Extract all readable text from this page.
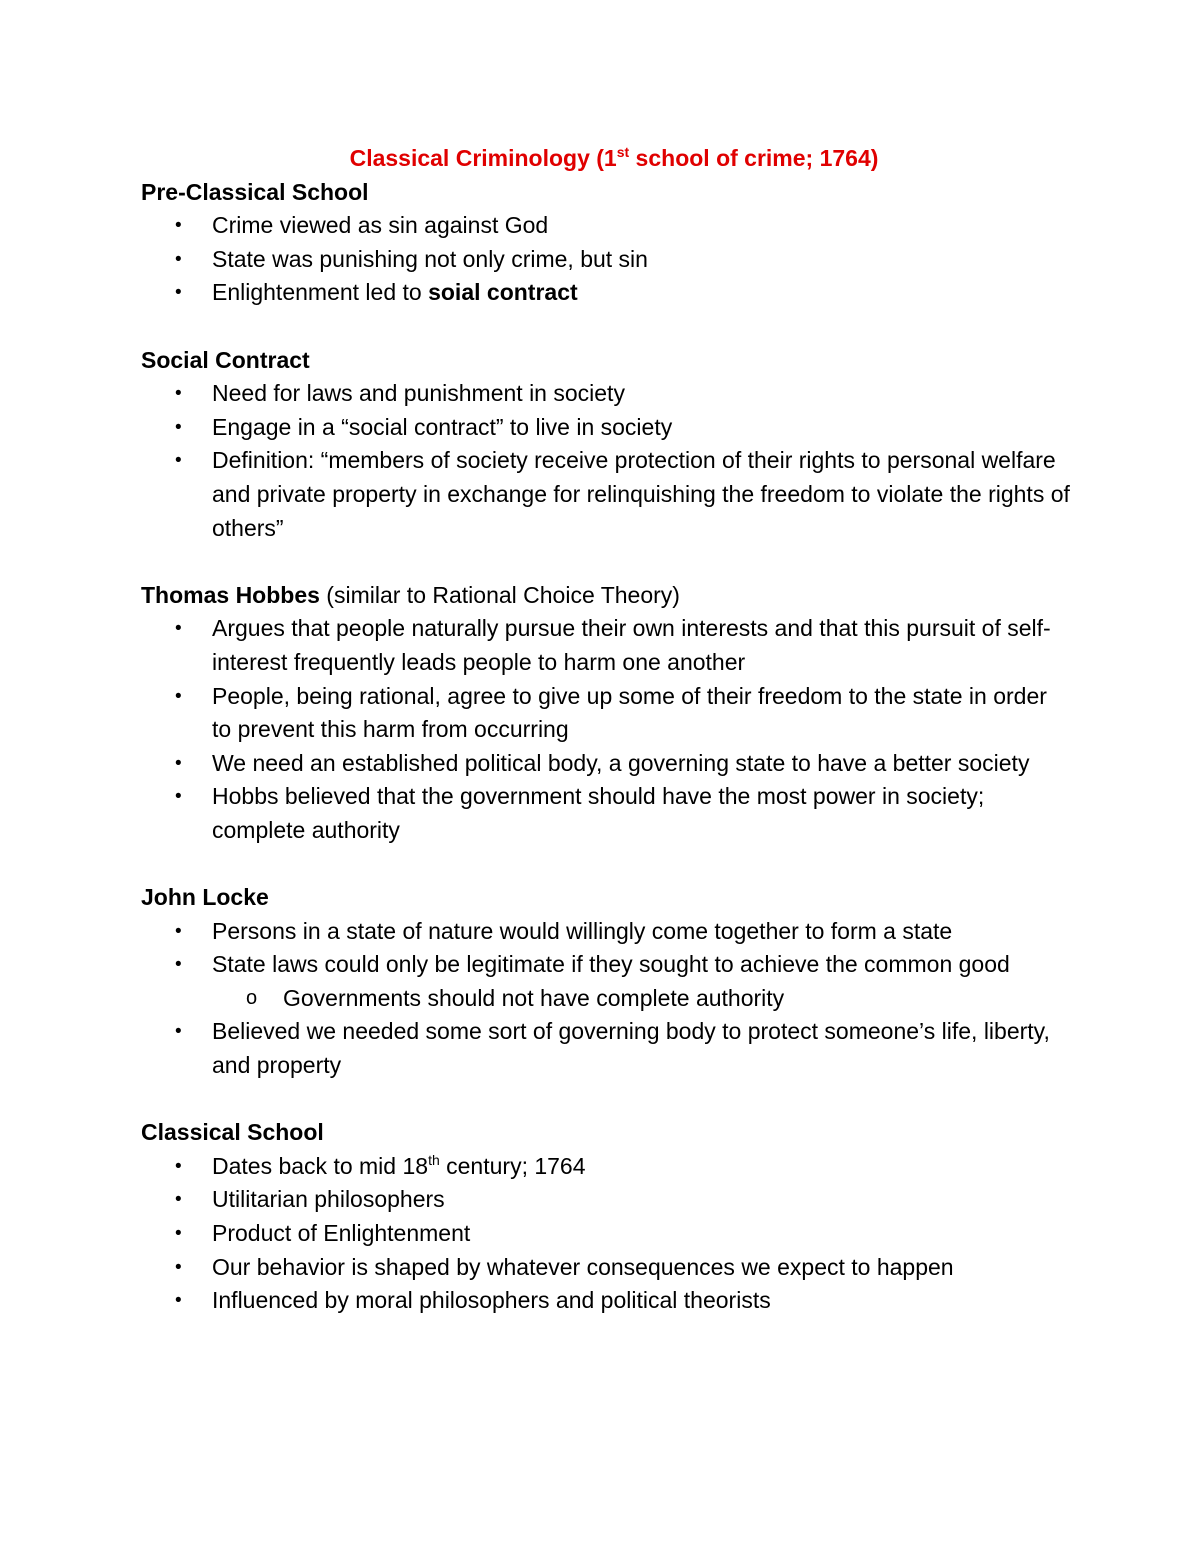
Classical Criminology (1st school of crime; 1764)

Pre-Classical School

• Crime viewed as sin against God
• State was punishing not only crime, but sin
• Enlightenment led to soial contract

Social Contract

• Need for laws and punishment in society
• Engage in a “social contract” to live in society
• Definition: “members of society receive protection of their rights to personal welfare and private property in exchange for relinquishing the freedom to violate the rights of others”

Thomas Hobbes (similar to Rational Choice Theory)

• Argues that people naturally pursue their own interests and that this pursuit of self-interest frequently leads people to harm one another
• People, being rational, agree to give up some of their freedom to the state in order to prevent this harm from occurring
• We need an established political body, a governing state to have a better society
• Hobbs believed that the government should have the most power in society; complete authority

John Locke

• Persons in a state of nature would willingly come together to form a state
• State laws could only be legitimate if they sought to achieve the common good
o Governments should not have complete authority
• Believed we needed some sort of governing body to protect someone’s life, liberty, and property

Classical School

• Dates back to mid 18th century; 1764
• Utilitarian philosophers
• Product of Enlightenment
• Our behavior is shaped by whatever consequences we expect to happen
• Influenced by moral philosophers and political theorists
